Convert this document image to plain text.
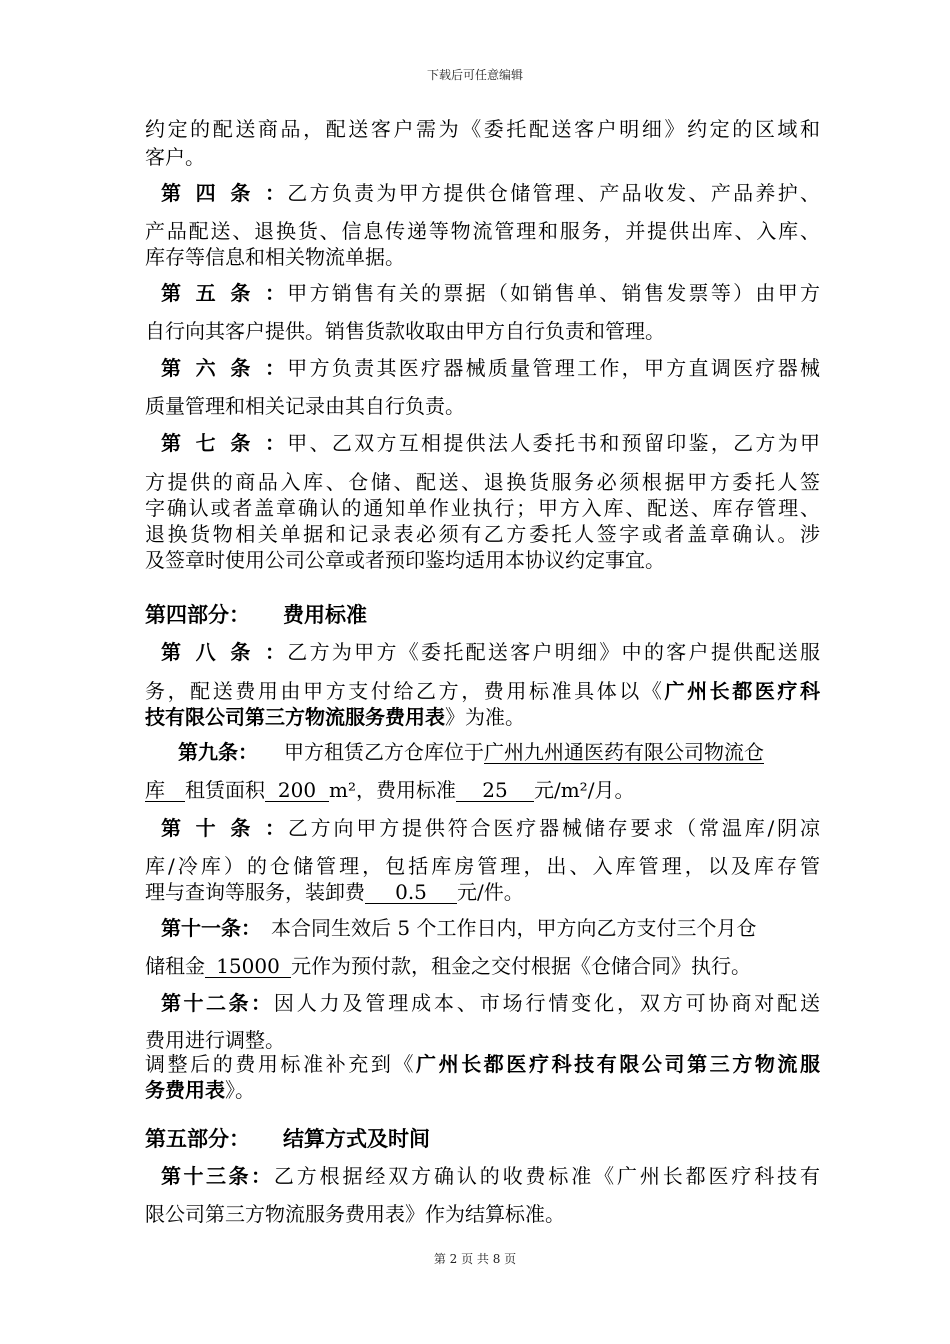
下载后可任意编辑
约定的配送商品，配送客户需为《委托配送客户明细》约定的区域和
客户。
第四条：乙方负责为甲方提供仓储管理、产品收发、产品养护、
产品配送、退换货、信息传递等物流管理和服务，并提供出库、入库、
库存等信息和相关物流单据。
第五条：甲方销售有关的票据（如销售单、销售发票等）由甲方
自行向其客户提供。销售货款收取由甲方自行负责和管理。
第六条：甲方负责其医疗器械质量管理工作，甲方直调医疗器械
质量管理和相关记录由其自行负责。
第七条：甲、乙双方互相提供法人委托书和预留印鉴，乙方为甲
方提供的商品入库、仓储、配送、退换货服务必须根据甲方委托人签
字确认或者盖章确认的通知单作业执行；甲方入库、配送、库存管理、
退换货物相关单据和记录表必须有乙方委托人签字或者盖章确认。涉
及签章时使用公司公章或者预印鉴均适用本协议约定事宜。
第四部分： 费用标准
第八条：乙方为甲方《委托配送客户明细》中的客户提供配送服
务，配送费用由甲方支付给乙方，费用标准具体以《广州长都医疗科
技有限公司第三方物流服务费用表》为准。
第九条： 甲方租赁乙方仓库位于广州九州通医药有限公司物流仓
库 租赁面积 200 m²，费用标准 25 元/m²/月。
第十条：乙方向甲方提供符合医疗器械储存要求（常温库/阴凉
库/冷库）的仓储管理，包括库房管理，出、入库管理，以及库存管
理与查询等服务，装卸费 0.5 元/件。
第十一条： 本合同生效后 5 个工作日内，甲方向乙方支付三个月仓
储租金 15000 元作为预付款，租金之交付根据《仓储合同》执行。
第十二条：因人力及管理成本、市场行情变化，双方可协商对配送
费用进行调整。
调整后的费用标准补充到《广州长都医疗科技有限公司第三方物流服
务费用表》。
第五部分： 结算方式及时间
第十三条：乙方根据经双方确认的收费标准《广州长都医疗科技有
限公司第三方物流服务费用表》作为结算标准。
第 2 页 共 8 页
